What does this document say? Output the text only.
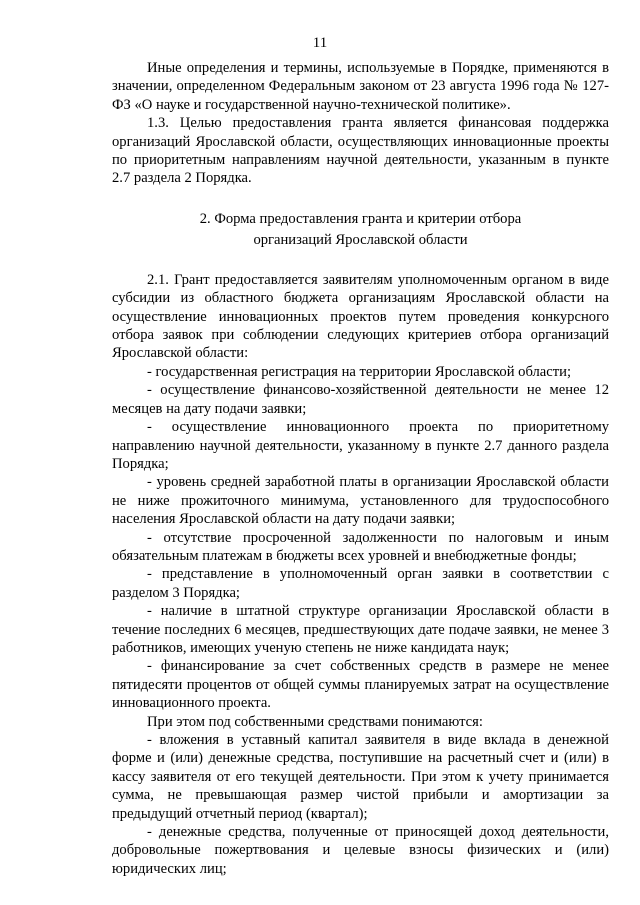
11

Иные определения и термины, используемые в Порядке, применяются в значении, определенном Федеральным законом от 23 августа 1996 года № 127-ФЗ «О науке и государственной научно-технической политике».

1.3. Целью предоставления гранта является финансовая поддержка организаций Ярославской области, осуществляющих инновационные проекты по приоритетным направлениям научной деятельности, указанным в пункте 2.7 раздела 2 Порядка.

2. Форма предоставления гранта и критерии отбора

организаций Ярославской области

2.1. Грант предоставляется заявителям уполномоченным органом в виде субсидии из областного бюджета организациям Ярославской области на осуществление инновационных проектов путем проведения конкурсного отбора заявок при соблюдении следующих критериев отбора организаций Ярославской области:

- государственная регистрация на территории Ярославской области;

- осуществление финансово-хозяйственной деятельности не менее 12 месяцев на дату подачи заявки;

- осуществление инновационного проекта по приоритетному направлению научной деятельности, указанному в пункте 2.7 данного раздела Порядка;

- уровень средней заработной платы в организации Ярославской области не ниже прожиточного минимума, установленного для трудоспособного населения Ярославской области на дату подачи заявки;

- отсутствие просроченной задолженности по налоговым и иным обязательным платежам в бюджеты всех уровней и внебюджетные фонды;

- представление в уполномоченный орган заявки в соответствии с разделом 3 Порядка;

- наличие в штатной структуре организации Ярославской области в течение последних 6 месяцев, предшествующих дате подаче заявки, не менее 3 работников, имеющих ученую степень не ниже кандидата наук;

- финансирование за счет собственных средств в размере не менее пятидесяти процентов от общей суммы планируемых затрат на осуществление инновационного проекта.

При этом под собственными средствами понимаются:

- вложения в уставный капитал заявителя в виде вклада в денежной форме и (или) денежные средства, поступившие на расчетный счет и (или) в кассу заявителя от его текущей деятельности. При этом к учету принимается сумма, не превышающая размер чистой прибыли и амортизации за предыдущий отчетный период (квартал);

- денежные средства, полученные от приносящей доход деятельности, добровольные пожертвования и целевые взносы физических и (или) юридических лиц;
